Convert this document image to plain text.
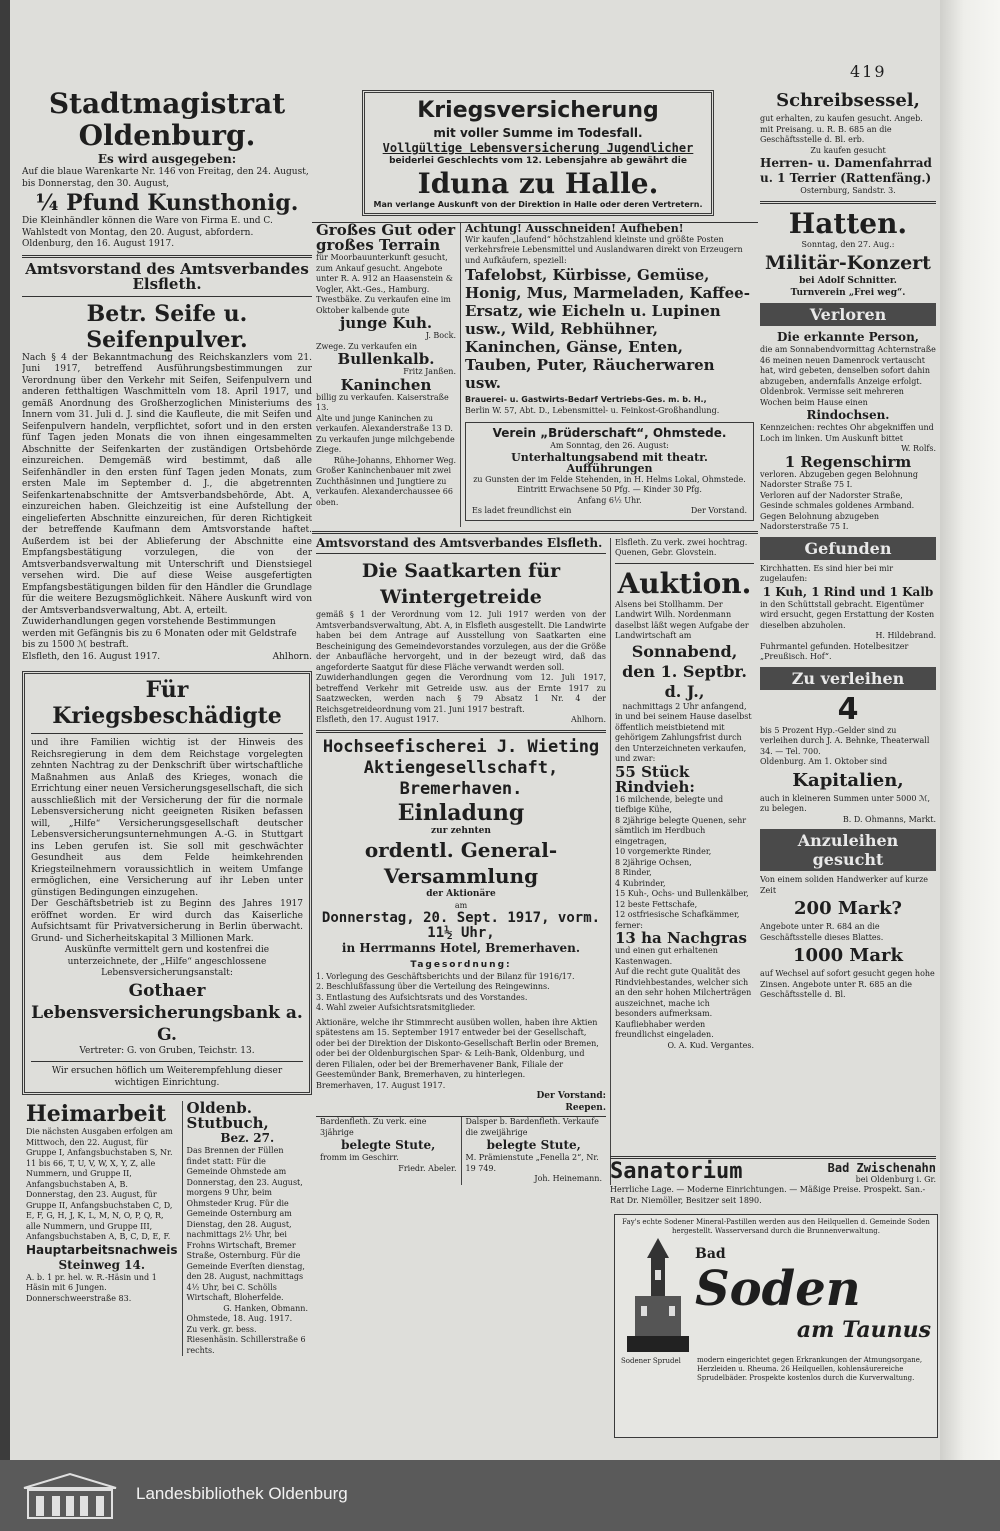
419
Stadtmagistrat Oldenburg.
Es wird ausgegeben:
Auf die blaue Warenkarte Nr. 146 von Freitag, den 24. August, bis Donnerstag, den 30. August,
¼ Pfund Kunsthonig.
Die Kleinhändler können die Ware von Firma E. und C. Wahlstedt von Montag, den 20. August, abfordern.
Oldenburg, den 16. August 1917.
Amtsvorstand des Amtsverbandes Elsfleth.
Betr. Seife u. Seifenpulver.
Nach § 4 der Bekanntmachung des Reichskanzlers vom 21. Juni 1917, betreffend Ausführungsbestimmungen zur Verordnung über den Verkehr mit Seifen, Seifenpulvern und anderen fetthaltigen Waschmitteln vom 18. April 1917, und gemäß Anordnung des Großherzoglichen Ministeriums des Innern vom 31. Juli d. J. sind die Kaufleute, die mit Seifen und Seifenpulvern handeln, verpflichtet, sofort und in den ersten fünf Tagen jeden Monats die von ihnen eingesammelten Abschnitte der Seifenkarten der zuständigen Ortsbehörde einzureichen. Demgemäß wird bestimmt, daß alle Seifenhändler in den ersten fünf Tagen jeden Monats, zum ersten Male im September d. J., die abgetrennten Seifenkartenabschnitte der Amtsverbandsbehörde, Abt. A, einzureichen haben. Gleichzeitig ist eine Aufstellung der eingelieferten Abschnitte einzureichen, für deren Richtigkeit der betreffende Kaufmann dem Amtsvorstande haftet. Außerdem ist bei der Ablieferung der Abschnitte eine Empfangsbestätigung vorzulegen, die von der Amtsverbandsverwaltung mit Unterschrift und Dienstsiegel versehen wird. Die auf diese Weise ausgefertigten Empfangsbestätigungen bilden für den Händler die Grundlage für die weitere Bezugsmöglichkeit. Nähere Auskunft wird von der Amtsverbandsverwaltung, Abt. A, erteilt.
Zuwiderhandlungen gegen vorstehende Bestimmungen werden mit Gefängnis bis zu 6 Monaten oder mit Geldstrafe bis zu 1500 ℳ bestraft.
Elsfleth, den 16. August 1917.	Ahlhorn.
Für Kriegsbeschädigte
und ihre Familien wichtig ist der Hinweis des Reichsregierung in dem dem Reichstage vorgelegten zehnten Nachtrag zu der Denkschrift über wirtschaftliche Maßnahmen aus Anlaß des Krieges, wonach die Errichtung einer neuen Versicherungsgesellschaft, die sich ausschließlich mit der Versicherung der für die normale Lebensversicherung nicht geeigneten Risiken befassen will, „Hilfe“ Versicherungsgesellschaft deutscher Lebensversicherungsunternehmungen A.-G. in Stuttgart ins Leben gerufen ist. Sie soll mit geschwächter Gesundheit aus dem Felde heimkehrenden Kriegsteilnehmern voraussichtlich in weitem Umfange ermöglichen, eine Versicherung auf ihr Leben unter günstigen Bedingungen einzugehen.
Der Geschäftsbetrieb ist zu Beginn des Jahres 1917 eröffnet worden. Er wird durch das Kaiserliche Aufsichtsamt für Privatversicherung in Berlin überwacht. Grund- und Sicherheitskapital 3 Millionen Mark.
Auskünfte vermittelt gern und kostenfrei die unterzeichnete, der „Hilfe“ angeschlossene Lebensversicherungsanstalt:
Gothaer Lebensversicherungsbank a. G.
Vertreter: G. von Gruben, Teichstr. 13.
Wir ersuchen höflich um Weiterempfehlung dieser wichtigen Einrichtung.
Heimarbeit
Die nächsten Ausgaben erfolgen am Mittwoch, den 22. August, für Gruppe I, Anfangsbuchstaben S, Nr. 11 bis 66, T, U, V, W, X, Y, Z, alle Nummern, und Gruppe II, Anfangsbuchstaben A, B. Donnerstag, den 23. August, für Gruppe II, Anfangsbuchstaben C, D, E, F, G, H, J, K, L, M, N, O, P, Q, R, alle Nummern, und Gruppe III, Anfangsbuchstaben A, B, C, D, E, F.
Hauptarbeitsnachweis
Steinweg 14.
A. b. 1 pr. hel. w. R.-Häsin und 1 Häsin mit 6 Jungen. Donnerschweerstraße 83.
Oldenb. Stutbuch,
Bez. 27.
Das Brennen der Füllen findet statt: Für die Gemeinde Ohmstede am Donnerstag, den 23. August, morgens 9 Uhr, beim Ohmsteder Krug. Für die Gemeinde Osternburg am Dienstag, den 28. August, nachmittags 2½ Uhr, bei Frohns Wirtschaft, Bremer Straße, Osternburg. Für die Gemeinde Everſten dienstag, den 28. August, nachmittags 4½ Uhr, bei C. Schölls Wirtschaft, Bloherfelde.
G. Hanken, Obmann.
Ohmstede, 18. Aug. 1917.
Zu verk. gr. bess. Riesenhäsin. Schillerstraße 6 rechts.
Kriegsversicherung
mit voller Summe im Todesfall.
Vollgültige Lebensversicherung Jugendlicher
beiderlei Geschlechts vom 12. Lebensjahre ab gewährt die
Iduna zu Halle.
Man verlange Auskunft von der Direktion in Halle oder deren Vertretern.
Großes Gut oder großes Terrain
für Moorbauunterkunft gesucht, zum Ankauf gesucht. Angebote unter R. A. 912 an Haasenstein & Vogler, Akt.-Ges., Hamburg.
Twestbäke. Zu verkaufen eine im Oktober kalbende gute
junge Kuh.
J. Bock.
Zwege. Zu verkaufen ein
Bullenkalb.
Fritz Janßen.
Kaninchen
billig zu verkaufen. Kaiserstraße 13.
Alte und junge Kaninchen zu verkaufen. Alexanderstraße 13 D.
Zu verkaufen junge milchgebende Ziege.
Rühe-Johanns, Ehhorner Weg.
Großer Kaninchenbauer mit zwei Zuchthäsinnen und Jungtiere zu verkaufen. Alexanderchaussee 66 oben.
Achtung! Ausschneiden! Aufheben!
Wir kaufen „laufend“ höchstzahlend kleinste und größte Posten verkehrsfreie Lebensmittel und Auslandwaren direkt von Erzeugern und Aufkäufern, speziell:
Tafelobst, Kürbisse, Gemüse, Honig, Mus, Marmeladen, Kaffee-Ersatz, wie Eicheln u. Lupinen usw., Wild, Rebhühner, Kaninchen, Gänse, Enten, Tauben, Puter, Räucherwaren usw.
Brauerei- u. Gastwirts-Bedarf Vertriebs-Ges. m. b. H.,
Berlin W. 57, Abt. D., Lebensmittel- u. Feinkost-Großhandlung.
Verein „Brüderschaft“, Ohmstede.
Am Sonntag, den 26. August:
Unterhaltungsabend mit theatr. Aufführungen
zu Gunsten der im Felde Stehenden, in H. Helms Lokal, Ohmstede.
Eintritt Erwachsene 50 Pfg. — Kinder 30 Pfg.
Anfang 6½ Uhr.
Es ladet freundlichst ein	Der Vorstand.
Amtsvorstand des Amtsverbandes Elsfleth.
Die Saatkarten für Wintergetreide
gemäß § 1 der Verordnung vom 12. Juli 1917 werden von der Amtsverbandsverwaltung, Abt. A, in Elsfleth ausgestellt. Die Landwirte haben bei dem Antrage auf Ausstellung von Saatkarten eine Bescheinigung des Gemeindevorstandes vorzulegen, aus der die Größe der Anbaufläche hervorgeht, und in der bezeugt wird, daß das angeforderte Saatgut für diese Fläche verwandt werden soll.
Zuwiderhandlungen gegen die Verordnung vom 12. Juli 1917, betreffend Verkehr mit Getreide usw. aus der Ernte 1917 zu Saatzwecken, werden nach § 79 Absatz 1 Nr. 4 der Reichsgetreideordnung vom 21. Juni 1917 bestraft.
Elsfleth, den 17. August 1917.	Ahlhorn.
Hochseefischerei J. Wieting
Aktiengesellschaft, Bremerhaven.
Einladung
zur zehnten
ordentl. General-Versammlung
der Aktionäre
am
Donnerstag, 20. Sept. 1917, vorm. 11½ Uhr,
in Herrmanns Hotel, Bremerhaven.
Tagesordnung:
1. Vorlegung des Geschäftsberichts und der Bilanz für 1916/17.
2. Beschlußfassung über die Verteilung des Reingewinns.
3. Entlastung des Aufsichtsrats und des Vorstandes.
4. Wahl zweier Aufsichtsratsmitglieder.
Aktionäre, welche ihr Stimmrecht ausüben wollen, haben ihre Aktien spätestens am 15. September 1917 entweder bei der Gesellschaft, oder bei der Direktion der Diskonto-Gesellschaft Berlin oder Bremen, oder bei der Oldenburgischen Spar- & Leih-Bank, Oldenburg, und deren Filialen, oder bei der Bremerhavener Bank, Filiale der Geestemünder Bank, Bremerhaven, zu hinterlegen.
Bremerhaven, 17. August 1917.
Der Vorstand:
Reepen.
Bardenfleth. Zu verk. eine 3jährige
belegte Stute,
fromm im Geschirr.
Friedr. Abeler.
Dalsper b. Bardenfleth. Verkaufe die zweijährige
belegte Stute,
M. Prämienstute „Fenella 2“, Nr. 19 749.
Joh. Heinemann.
Elsfleth. Zu verk. zwei hochtrag. Quenen, Gebr. Glovstein.
Auktion.
Alsens bei Stollhamm. Der Landwirt Wilh. Nordenmann daselbst läßt wegen Aufgabe der Landwirtschaft am
Sonnabend, den 1. Septbr. d. J.,
nachmittags 2 Uhr anfangend,
in und bei seinem Hause daselbst öffentlich meistbietend mit gehörigem Zahlungsfrist durch den Unterzeichneten verkaufen, und zwar:
55 Stück Rindvieh:
16 milchende, belegte und tiefbige Kühe,
8 2jährige belegte Quenen, sehr sämtlich im Herdbuch eingetragen,
10 vorgemerkte Rinder,
8 2jährige Ochsen,
8 Rinder,
4 Kubrinder,
15 Kuh-, Ochs- und Bullenkälber,
12 beste Fettschafe,
12 ostfriesische Schafkämmer,
ferner:
13 ha Nachgras
und einen gut erhaltenen Kastenwagen.
Auf die recht gute Qualität des Rindviehbestandes, welcher sich an den sehr hohen Milcherträgen auszeichnet, mache ich besonders aufmerksam. Kaufliebhaber werden freundlichst eingeladen.
O. A. Kud. Vergantes.
Schreibsessel,
gut erhalten, zu kaufen gesucht. Angeb. mit Preisang. u. R. B. 685 an die Geschäftsstelle d. Bl. erb.
Zu kaufen gesucht
Herren- u. Damenfahrrad u. 1 Terrier (Rattenfäng.)
Osternburg, Sandstr. 3.
Hatten.
Sonntag, den 27. Aug.:
Militär-Konzert
bei Adolf Schnitter.
Turnverein „Frei weg“.
Verloren
Die erkannte Person,
die am Sonnabendvormittag Achternstraße 46 meinen neuen Damenrock vertauscht hat, wird gebeten, denselben sofort dahin abzugeben, andernfalls Anzeige erfolgt.
Oldenbrok. Vermisse seit mehreren Wochen beim Hause einen
Rindochsen.
Kennzeichen: rechtes Ohr abgekniffen und Loch im linken. Um Auskunft bittet
W. Rolfs.
1 Regenschirm
verloren. Abzugeben gegen Belohnung Nadorster Straße 75 I.
Verloren auf der Nadorster Straße, Gesinde schmales goldenes Armband. Gegen Belohnung abzugeben Nadorsterstraße 75 I.
Gefunden
Kirchhatten. Es sind hier bei mir zugelaufen:
1 Kuh, 1 Rind und 1 Kalb
in den Schüttstall gebracht. Eigentümer wird ersucht, gegen Erstattung der Kosten dieselben abzuholen.
H. Hildebrand.
Fuhrmantel gefunden. Hotelbesitzer „Preußisch. Hof“.
Zu verleihen
4
bis 5 Prozent Hyp.-Gelder sind zu verleihen durch J. A. Behnke, Theaterwall 34. — Tel. 700.
Oldenburg. Am 1. Oktober sind
Kapitalien,
auch in kleineren Summen unter 5000 ℳ, zu belegen.
B. D. Ohmanns, Markt.
Anzuleihen gesucht
Von einem soliden Handwerker auf kurze Zeit
200 Mark?
Angebote unter R. 684 an die Geschäftsstelle dieses Blattes.
1000 Mark
auf Wechsel auf sofort gesucht gegen hohe Zinsen. Angebote unter R. 685 an die Geschäftsstelle d. Bl.
Sanatorium	Bad Zwischenahn
bei Oldenburg i. Gr.
Herrliche Lage. — Moderne Einrichtungen. — Mäßige Preise. Prospekt. San.-Rat Dr. Niemöller, Besitzer seit 1890.
Fay's echte Sodener Mineral-Pastillen werden aus den Heilquellen d. Gemeinde Soden hergestellt. Wasserversand durch die Brunnenverwaltung.
Bad
Soden
am Taunus
Sodener Sprudel	modern eingerichtet gegen Erkrankungen der Atmungsorgane, Herzleiden u. Rheuma. 26 Heilquellen, kohlensäurereiche Sprudelbäder. Prospekte kostenlos durch die Kurverwaltung.
Landesbibliothek Oldenburg
